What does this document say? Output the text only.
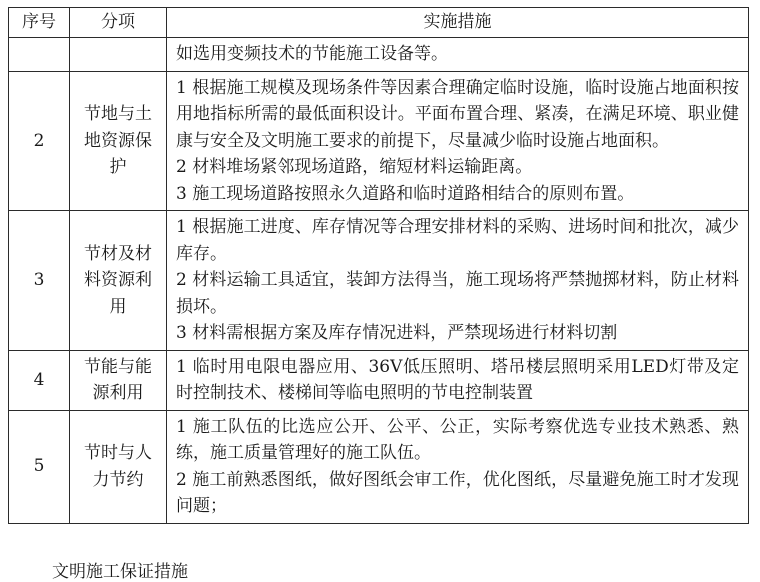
序号	分项	实施措施

		如选用变频技术的节能施工设备等。

2	节地与土地资源保护	1 根据施工规模及现场条件等因素合理确定临时设施，临时设施占地面积按用地指标所需的最低面积设计。平面布置合理、紧凑，在满足环境、职业健康与安全及文明施工要求的前提下，尽量减少临时设施占地面积。

2 材料堆场紧邻现场道路，缩短材料运输距离。

3 施工现场道路按照永久道路和临时道路相结合的原则布置。

3	节材及材料资源利用	1 根据施工进度、库存情况等合理安排材料的采购、进场时间和批次，减少库存。

2 材料运输工具适宜，装卸方法得当，施工现场将严禁抛掷材料，防止材料损坏。

3 材料需根据方案及库存情况进料，严禁现场进行材料切割

4	节能与能源利用	1 临时用电限电器应用、36V低压照明、塔吊楼层照明采用LED灯带及定时控制技术、楼梯间等临电照明的节电控制装置

5	节时与人力节约	1 施工队伍的比选应公开、公平、公正，实际考察优选专业技术熟悉、熟练，施工质量管理好的施工队伍。

2 施工前熟悉图纸，做好图纸会审工作，优化图纸，尽量避免施工时才发现问题；

文明施工保证措施
